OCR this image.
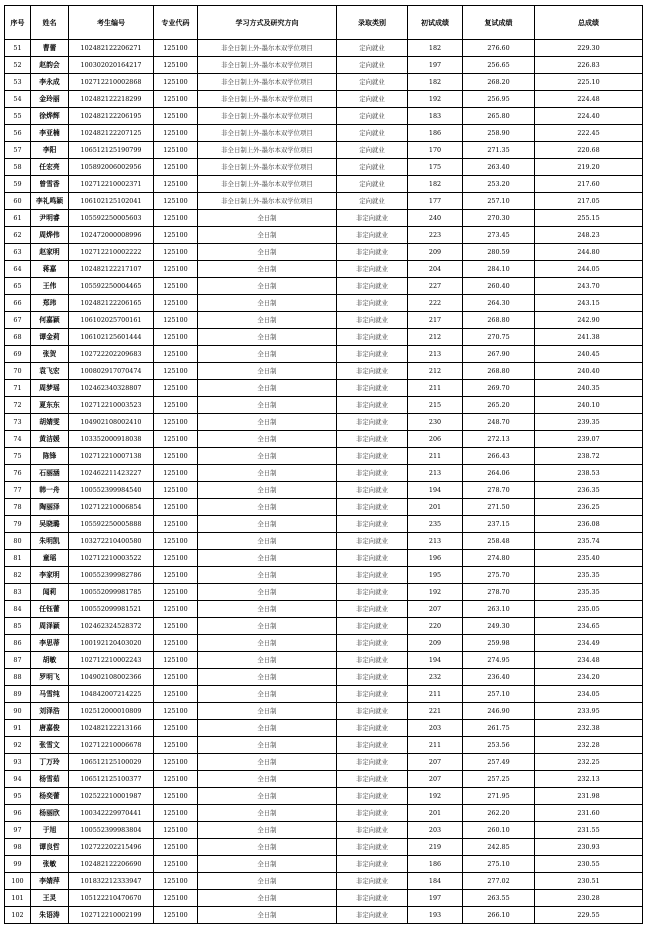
序号	姓名	考生编号	专业代码	学习方式及研究方向	录取类别	初试成绩	复试成绩	总成绩
51	曹蕾	102482122206271	125100	非全日制上外-墨尔本双学位项目	定向就业	182	276.60	229.30
52	赵韵会	100302020164217	125100	非全日制上外-墨尔本双学位项目	定向就业	197	256.65	226.83
53	李永成	102712210002868	125100	非全日制上外-墨尔本双学位项目	定向就业	182	268.20	225.10
54	金玲丽	102482122218299	125100	非全日制上外-墨尔本双学位项目	定向就业	192	256.95	224.48
55	徐烨辉	102482122206195	125100	非全日制上外-墨尔本双学位项目	定向就业	183	265.80	224.40
56	李亚楠	102482122207125	125100	非全日制上外-墨尔本双学位项目	定向就业	186	258.90	222.45
57	李阳	106512125190799	125100	非全日制上外-墨尔本双学位项目	定向就业	170	271.35	220.68
58	任宏亮	105892006002956	125100	非全日制上外-墨尔本双学位项目	定向就业	175	263.40	219.20
59	曾雪香	102712210002371	125100	非全日制上外-墨尔本双学位项目	定向就业	182	253.20	217.60
60	李礼鸣颖	106102125102041	125100	非全日制上外-墨尔本双学位项目	定向就业	177	257.10	217.05
61	尹明睿	105592250005603	125100	全日制	非定向就业	240	270.30	255.15
62	周烨伟	102472000008996	125100	全日制	非定向就业	223	273.45	248.23
63	赵家明	102712210002222	125100	全日制	非定向就业	209	280.59	244.80
64	蒋嘉	102482122217107	125100	全日制	非定向就业	204	284.10	244.05
65	王伟	105592250004465	125100	全日制	非定向就业	227	260.40	243.70
66	郑玮	102482122206165	125100	全日制	非定向就业	222	264.30	243.15
67	何嘉颖	106102025700161	125100	全日制	非定向就业	217	268.80	242.90
68	谭金莉	106102125601444	125100	全日制	非定向就业	212	270.75	241.38
69	张贺	102722202209683	125100	全日制	非定向就业	213	267.90	240.45
70	袁飞宏	100802917070474	125100	全日制	非定向就业	212	268.80	240.40
71	周梦瑶	102462340328807	125100	全日制	非定向就业	211	269.70	240.35
72	夏东东	102712210003523	125100	全日制	非定向就业	215	265.20	240.10
73	胡婧雯	104902108002410	125100	全日制	非定向就业	230	248.70	239.35
74	黄洁媛	103352000918038	125100	全日制	非定向就业	206	272.13	239.07
75	陈锋	102712210007138	125100	全日制	非定向就业	211	266.43	238.72
76	石丽涵	102462211423227	125100	全日制	非定向就业	213	264.06	238.53
77	韩一舟	100552399984540	125100	全日制	非定向就业	194	278.70	236.35
78	陶丽泽	102712210006854	125100	全日制	非定向就业	201	271.50	236.25
79	吴晓璐	105592250005888	125100	全日制	非定向就业	235	237.15	236.08
80	朱明凯	103272210400580	125100	全日制	非定向就业	213	258.48	235.74
81	童瑶	102712210003522	125100	全日制	非定向就业	196	274.80	235.40
82	李家明	100552399982786	125100	全日制	非定向就业	195	275.70	235.35
83	闻莉	100552099981785	125100	全日制	非定向就业	192	278.70	235.35
84	任钰蕾	100552099981521	125100	全日制	非定向就业	207	263.10	235.05
85	周泽颖	102462324528372	125100	全日制	非定向就业	220	249.30	234.65
86	李思蒂	100192120403020	125100	全日制	非定向就业	209	259.98	234.49
87	胡敏	102712210002243	125100	全日制	非定向就业	194	274.95	234.48
88	罗明飞	104902108002366	125100	全日制	非定向就业	232	236.40	234.20
89	马雪纯	104842007214225	125100	全日制	非定向就业	211	257.10	234.05
90	刘泽浩	102512000010809	125100	全日制	非定向就业	221	246.90	233.95
91	唐嘉俊	102482122213166	125100	全日制	非定向就业	203	261.75	232.38
92	张雪文	102712210006678	125100	全日制	非定向就业	211	253.56	232.28
93	丁万玲	106512125100029	125100	全日制	非定向就业	207	257.49	232.25
94	杨雪茹	106512125100377	125100	全日制	非定向就业	207	257.25	232.13
95	杨奕蕾	102522210001987	125100	全日制	非定向就业	192	271.95	231.98
96	杨丽欣	100342229970441	125100	全日制	非定向就业	201	262.20	231.60
97	于旭	100552399983804	125100	全日制	非定向就业	203	260.10	231.55
98	谭良哲	102722202215496	125100	全日制	非定向就业	219	242.85	230.93
99	张敏	102482122206690	125100	全日制	非定向就业	186	275.10	230.55
100	李婧萍	101832212333947	125100	全日制	非定向就业	184	277.02	230.51
101	王灵	105122210470670	125100	全日制	非定向就业	197	263.55	230.28
102	朱语涛	102712210002199	125100	全日制	非定向就业	193	266.10	229.55
